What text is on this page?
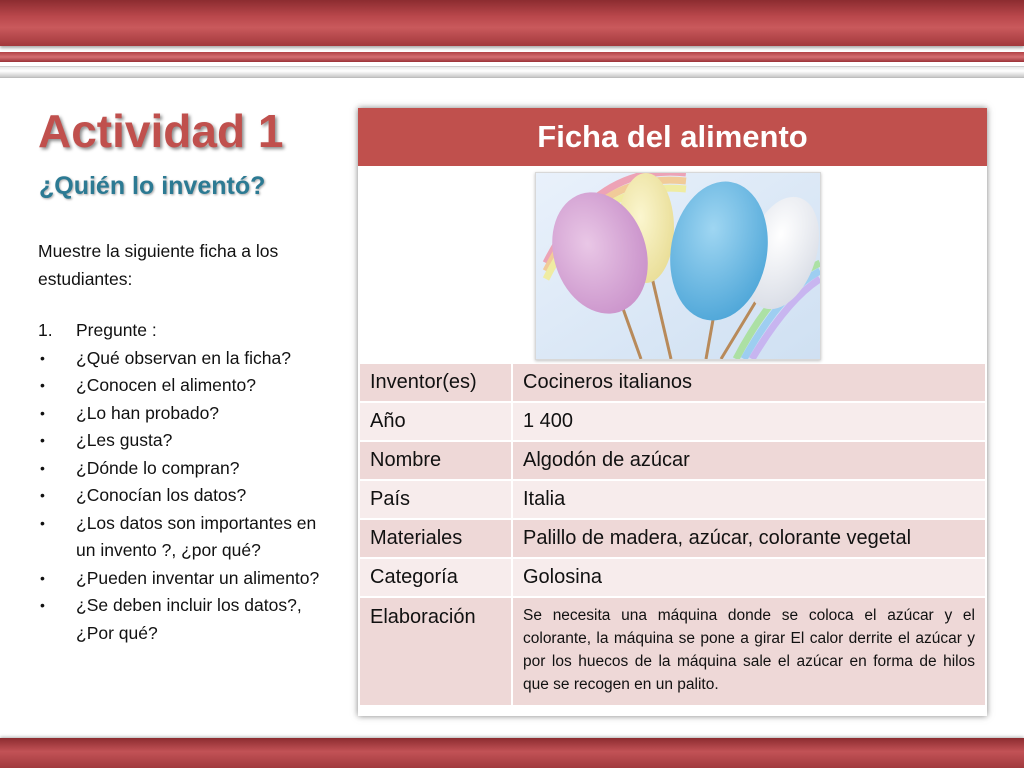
Actividad 1
¿Quién lo inventó?
Muestre la siguiente ficha a los estudiantes:
1. Pregunte :
• ¿Qué observan en la ficha?
• ¿Conocen el alimento?
• ¿Lo han probado?
• ¿Les gusta?
• ¿Dónde lo compran?
• ¿Conocían los datos?
• ¿Los datos son importantes en un invento ?, ¿por qué?
• ¿Pueden inventar un alimento?
• ¿Se deben incluir los datos?, ¿Por qué?
Ficha del alimento
Inventor(es)	Cocineros italianos
Año	1 400
Nombre	Algodón de azúcar
País	Italia
Materiales	Palillo de madera, azúcar, colorante vegetal
Categoría	Golosina
Elaboración	Se necesita una máquina donde se coloca el azúcar y el colorante, la máquina se pone a girar El calor derrite el azúcar y por los huecos de la máquina sale el azúcar en forma de hilos que se recogen en un palito.
